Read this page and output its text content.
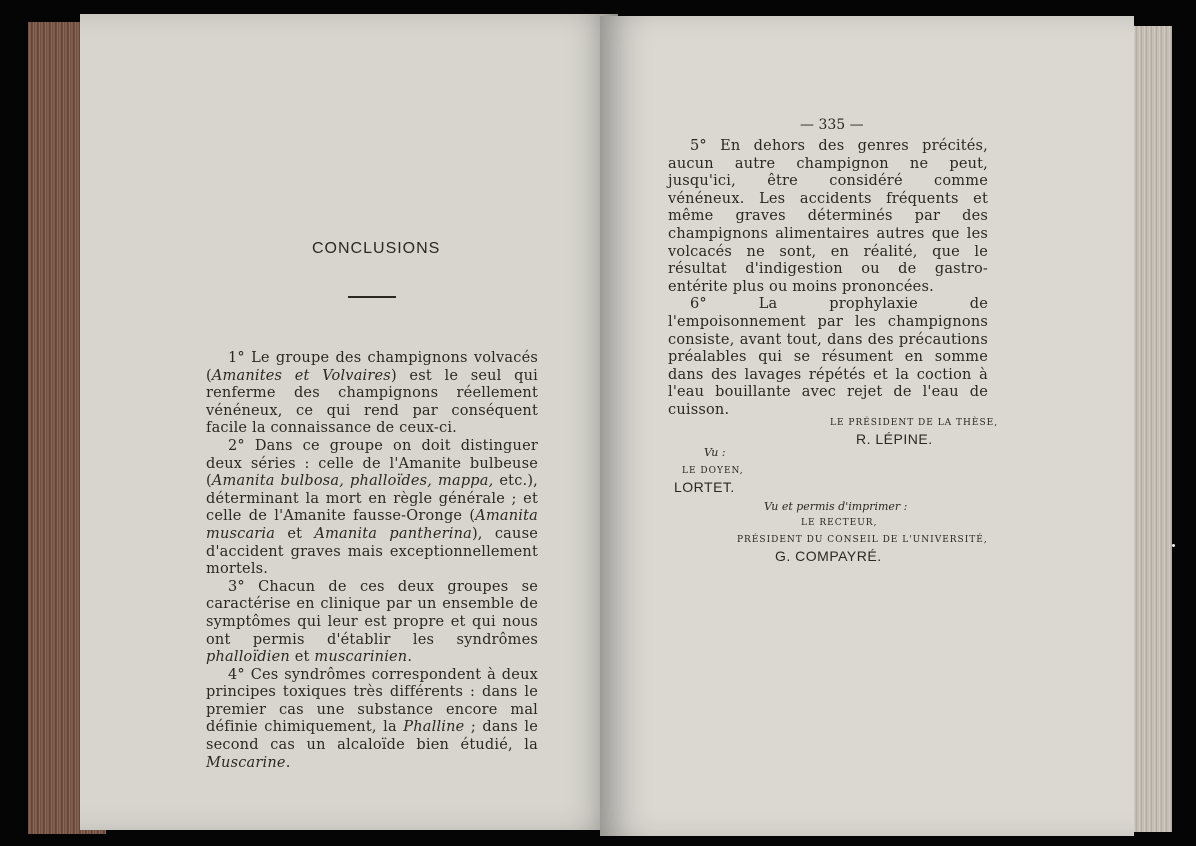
CONCLUSIONS

1° Le groupe des champignons volvacés (Amanites et Volvaires) est le seul qui renferme des champignons réellement vénéneux, ce qui rend par conséquent facile la connaissance de ceux-ci.

2° Dans ce groupe on doit distinguer deux séries : celle de l'Amanite bulbeuse (Amanita bulbosa, phalloïdes, mappa, etc.), déterminant la mort en règle générale ; et celle de l'Amanite fausse-Oronge (Amanita muscaria et Amanita pantherina), cause d'accident graves mais exceptionnellement mortels.

3° Chacun de ces deux groupes se caractérise en clinique par un ensemble de symptômes qui leur est propre et qui nous ont permis d'établir les syndrômes phalloïdien et muscarinien.

4° Ces syndrômes correspondent à deux principes toxiques très différents : dans le premier cas une substance encore mal définie chimiquement, la Phalline ; dans le second cas un alcaloïde bien étudié, la Muscarine.

— 335 —

5° En dehors des genres précités, aucun autre champignon ne peut, jusqu'ici, être considéré comme vénéneux. Les accidents fréquents et même graves déterminés par des champignons alimentaires autres que les volcacés ne sont, en réalité, que le résultat d'indigestion ou de gastro-entérite plus ou moins prononcées.

6° La prophylaxie de l'empoisonnement par les champignons consiste, avant tout, dans des précautions préalables qui se résument en somme dans des lavages répétés et la coction à l'eau bouillante avec rejet de l'eau de cuisson.

LE PRÉSIDENT DE LA THÈSE,
R. LÉPINE.
Vu :
LE DOYEN,
LORTET.
Vu et permis d'imprimer :
LE RECTEUR,
PRÉSIDENT DU CONSEIL DE L'UNIVERSITÉ,
G. COMPAYRÉ.
